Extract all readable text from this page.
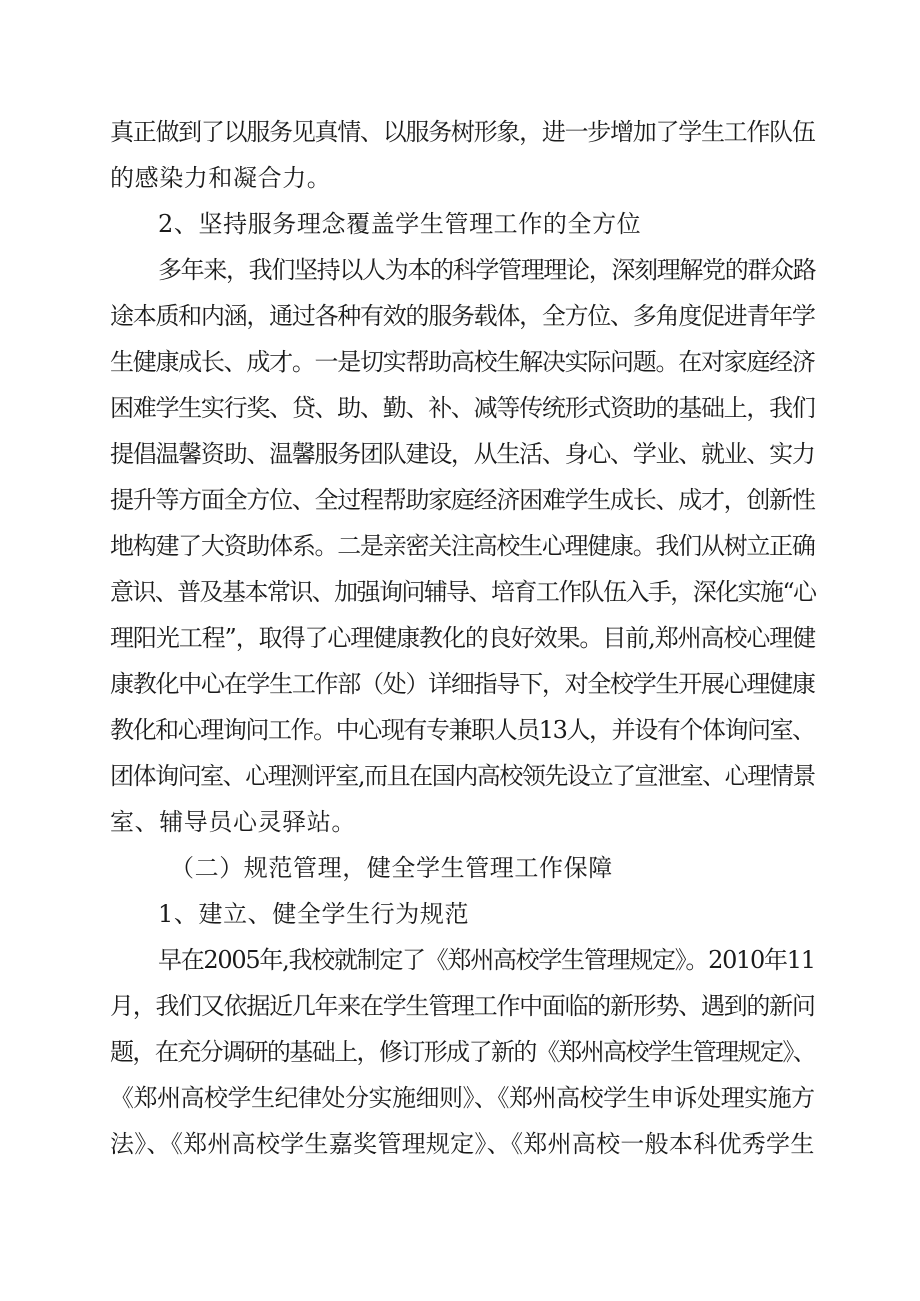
真正做到了以服务见真情、以服务树形象，进一步增加了学生工作队伍

的感染力和凝合力。

2、坚持服务理念覆盖学生管理工作的全方位

多年来，我们坚持以人为本的科学管理理论，深刻理解党的群众路

途本质和内涵，通过各种有效的服务载体，全方位、多角度促进青年学

生健康成长、成才。一是切实帮助高校生解决实际问题。在对家庭经济

困难学生实行奖、贷、助、勤、补、减等传统形式资助的基础上，我们

提倡温馨资助、温馨服务团队建设，从生活、身心、学业、就业、实力

提升等方面全方位、全过程帮助家庭经济困难学生成长、成才，创新性

地构建了大资助体系。二是亲密关注高校生心理健康。我们从树立正确

意识、普及基本常识、加强询问辅导、培育工作队伍入手，深化实施“心

理阳光工程”，取得了心理健康教化的良好效果。目前,郑州高校心理健

康教化中心在学生工作部（处）详细指导下，对全校学生开展心理健康

教化和心理询问工作。中心现有专兼职人员13人，并设有个体询问室、

团体询问室、心理测评室,而且在国内高校领先设立了宣泄室、心理情景

室、辅导员心灵驿站。

（二）规范管理，健全学生管理工作保障

1、建立、健全学生行为规范

早在2005年,我校就制定了《郑州高校学生管理规定》。2010年11

月，我们又依据近几年来在学生管理工作中面临的新形势、遇到的新问

题，在充分调研的基础上，修订形成了新的《郑州高校学生管理规定》、

《郑州高校学生纪律处分实施细则》、《郑州高校学生申诉处理实施方

法》、《郑州高校学生嘉奖管理规定》、《郑州高校一般本科优秀学生
